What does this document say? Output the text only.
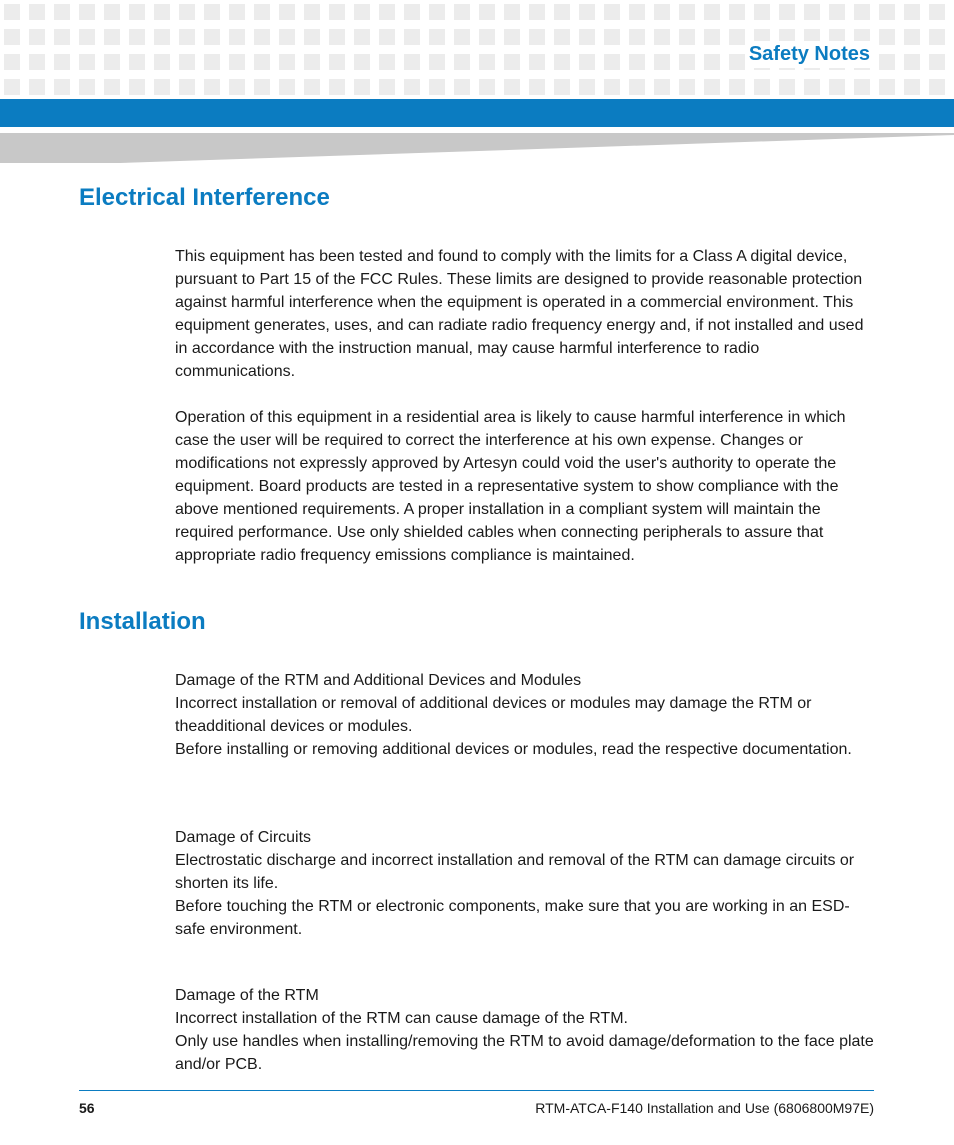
Safety Notes
Electrical Interference

This equipment has been tested and found to comply with the limits for a Class A digital device, pursuant to Part 15 of the FCC Rules. These limits are designed to provide reasonable protection against harmful interference when the equipment is operated in a commercial environment. This equipment generates, uses, and can radiate radio frequency energy and, if not installed and used in accordance with the instruction manual, may cause harmful interference to radio communications.

Operation of this equipment in a residential area is likely to cause harmful interference in which case the user will be required to correct the interference at his own expense. Changes or modifications not expressly approved by Artesyn could void the user's authority to operate the equipment. Board products are tested in a representative system to show compliance with the above mentioned requirements. A proper installation in a compliant system will maintain the required performance. Use only shielded cables when connecting peripherals to assure that appropriate radio frequency emissions compliance is maintained.

Installation
Damage of the RTM and Additional Devices and Modules
Incorrect installation or removal of additional devices or modules may damage the RTM or theadditional devices or modules.
Before installing or removing additional devices or modules, read the respective documentation.
Damage of Circuits
Electrostatic discharge and incorrect installation and removal of the RTM can damage circuits or shorten its life.
Before touching the RTM or electronic components, make sure that you are working in an ESD-safe environment.
Damage of the RTM
Incorrect installation of the RTM can cause damage of the RTM.
Only use handles when installing/removing the RTM to avoid damage/deformation to the face plate and/or PCB.
56	RTM-ATCA-F140 Installation and Use (6806800M97E)
